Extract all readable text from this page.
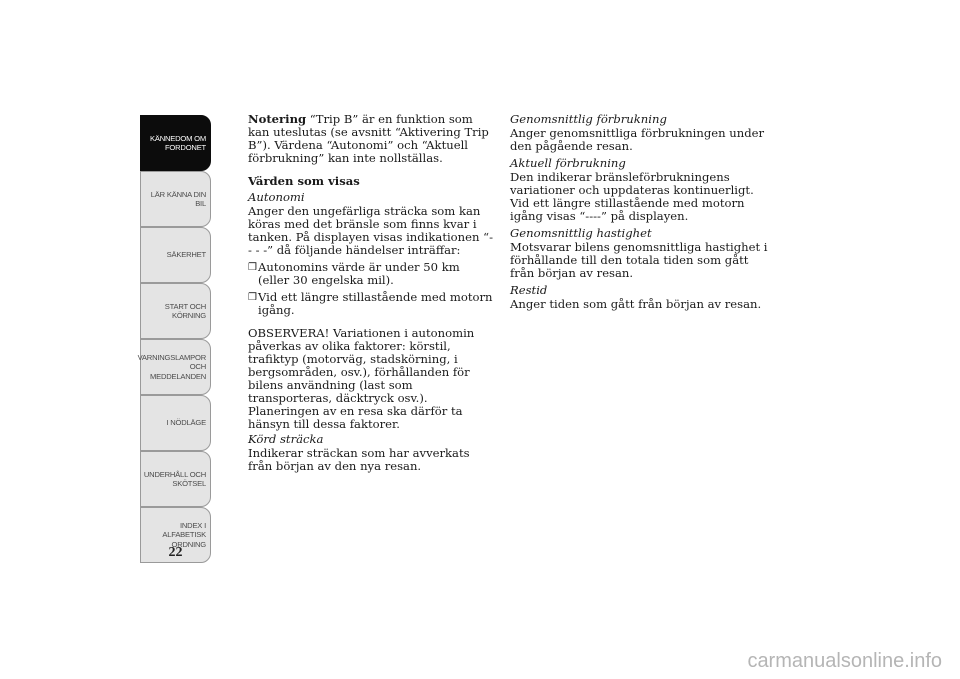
KÄNNEDOM OM
FORDONET
LÄR KÄNNA DIN
BIL
SÄKERHET
START OCH
KÖRNING
VARNINGSLAMPOR
OCH
MEDDELANDEN
I NÖDLÄGE
UNDERHÅLL OCH
SKÖTSEL
INDEX I
ALFABETISK
ORDNING
22

Notering “Trip B” är en funktion som kan uteslutas (se avsnitt “Aktivering Trip B”). Värdena “Autonomi” och “Aktuell förbrukning” kan inte nollställas.

Värden som visas

Autonomi

Anger den ungefärliga sträcka som kan köras med det bränsle som finns kvar i tanken. På displayen visas indikationen “- - - -” då följande händelser inträffar:

❒ Autonomins värde är under 50 km (eller 30 engelska mil).
❒ Vid ett längre stillastående med motorn igång.

OBSERVERA! Variationen i autonomin påverkas av olika faktorer: körstil, trafiktyp (motorväg, stadskörning, i bergsområden, osv.), förhållanden för bilens användning (last som transporteras, däcktryck osv.). Planeringen av en resa ska därför ta hänsyn till dessa faktorer.

Körd sträcka

Indikerar sträckan som har avverkats från början av den nya resan.

Genomsnittlig förbrukning

Anger genomsnittliga förbrukningen under den pågående resan.

Aktuell förbrukning

Den indikerar bränsleförbrukningens variationer och uppdateras kontinuerligt. Vid ett längre stillastående med motorn igång visas “----” på displayen.

Genomsnittlig hastighet

Motsvarar bilens genomsnittliga hastighet i förhållande till den totala tiden som gått från början av resan.

Restid

Anger tiden som gått från början av resan.

carmanualsonline.info
